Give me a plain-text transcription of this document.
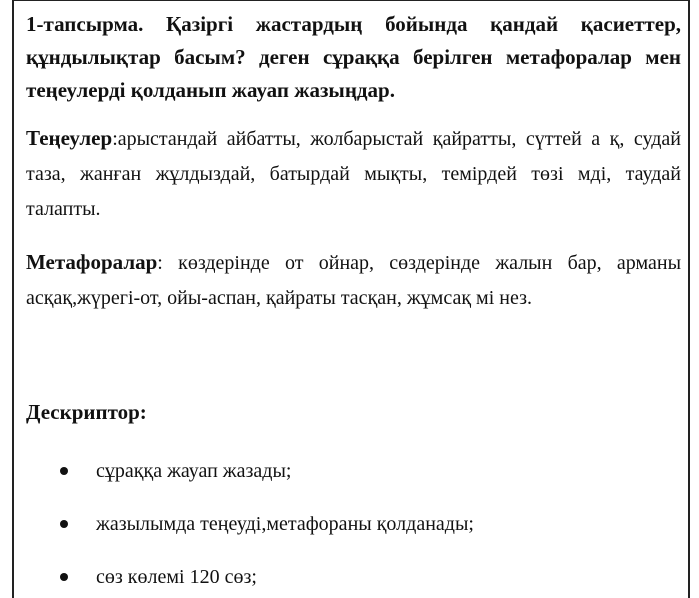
1-тапсырма. Қазіргі жастардың бойында қандай қасиеттер, құндылықтар басым? деген сұраққа берілген метафоралар мен теңеулерді қолданып жауап жазыңдар.

Теңеулер:арыстандай айбатты, жолбарыстай қайратты, сүттей а қ, судай таза, жанған жұлдыздай, батырдай мықты, темірдей төзі мді, таудай талапты.

Метафоралар: көздерінде от ойнар, сөздерінде жалын бар, арманы асқақ,жүрегі-от, ойы-аспан, қайраты тасқан, жұмсақ мі нез.

Дескриптор:

сұраққа жауап жазады;
жазылымда теңеуді,метафораны қолданады;
сөз көлемі 120 сөз;
